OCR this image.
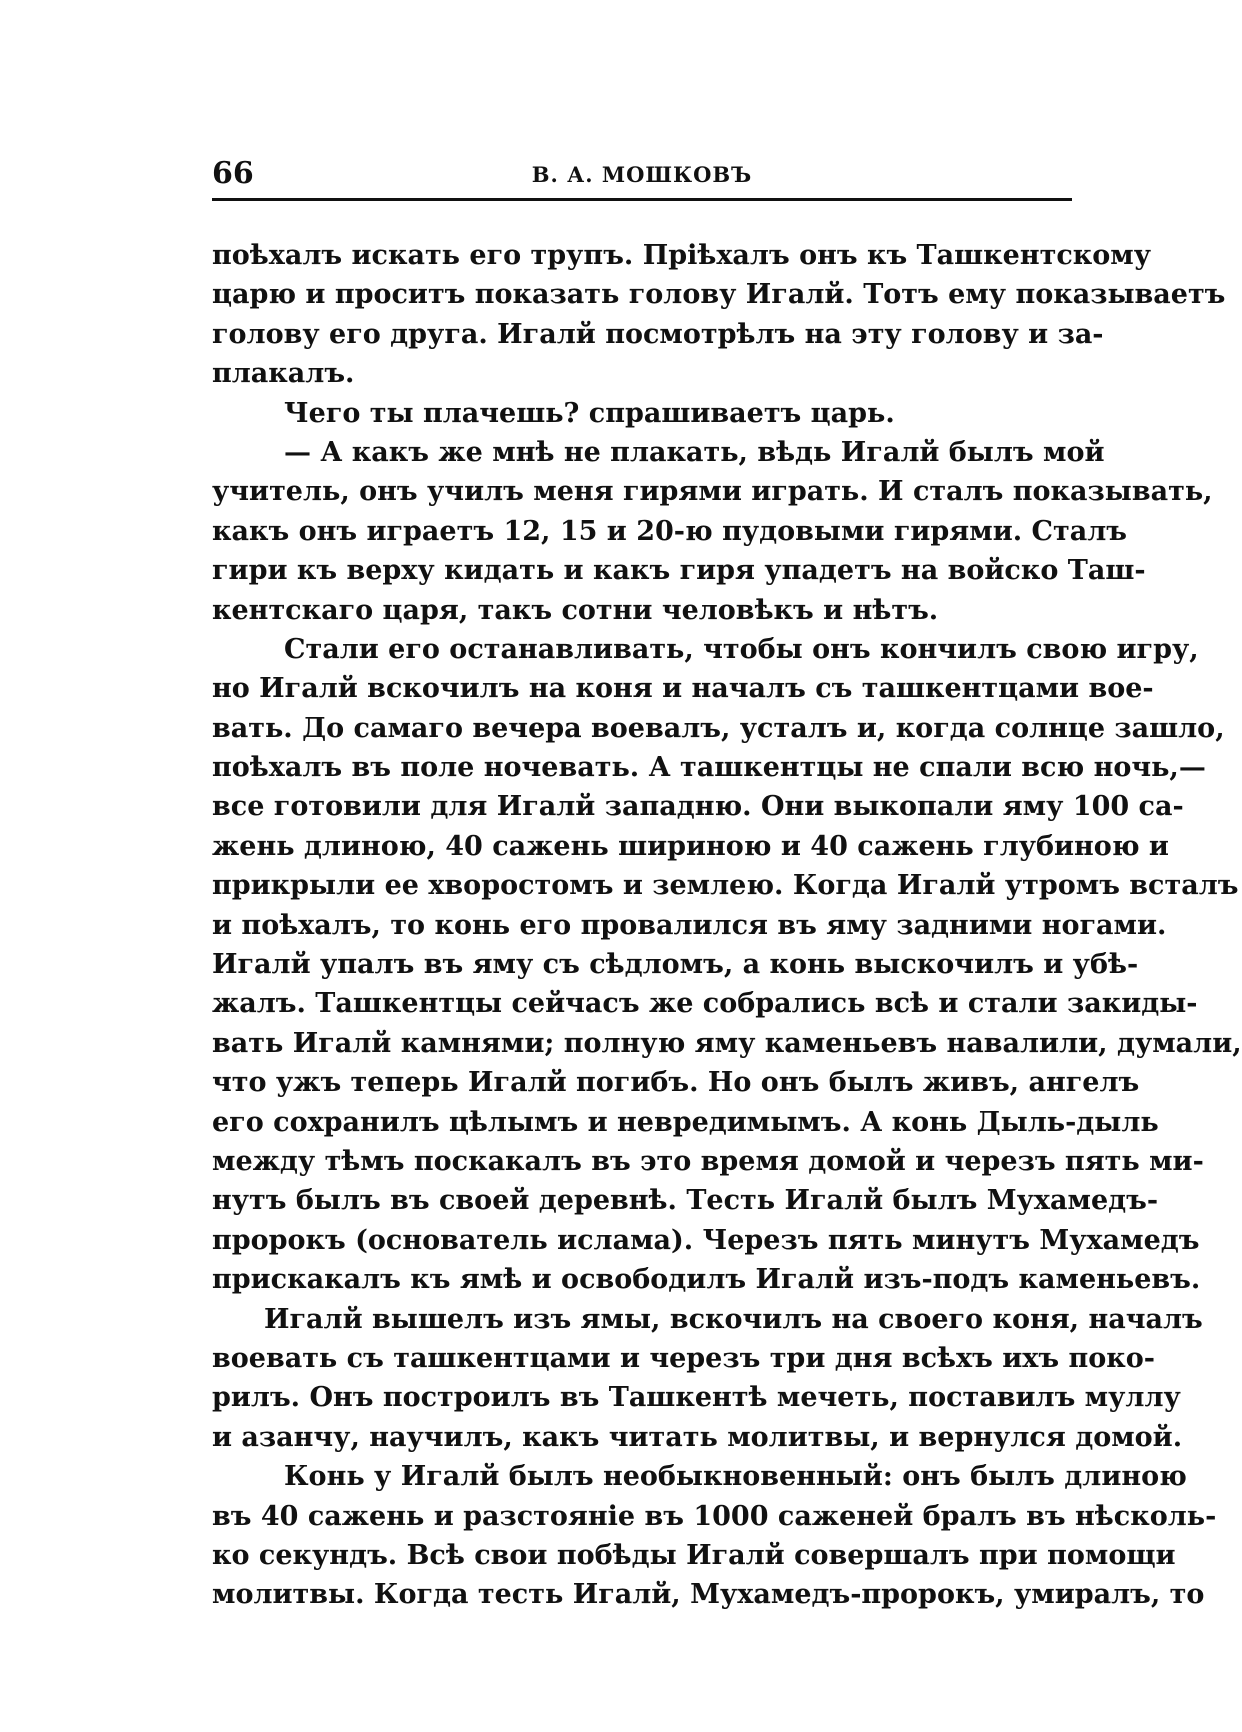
66	В. А. МОШКОВЪ
поѣхалъ искать его трупъ. Пріѣхалъ онъ къ Ташкентскому
царю и проситъ показать голову Игалй. Тотъ ему показываетъ
голову его друга. Игалй посмотрѣлъ на эту голову и за-
плакалъ.
Чего ты плачешь? спрашиваетъ царь.
— А какъ же мнѣ не плакать, вѣдь Игалй былъ мой
учитель, онъ училъ меня гирями играть. И сталъ показывать,
какъ онъ играетъ 12, 15 и 20-ю пудовыми гирями. Сталъ
гири къ верху кидать и какъ гиря упадетъ на войско Таш-
кентскаго царя, такъ сотни человѣкъ и нѣтъ.
Стали его останавливать, чтобы онъ кончилъ свою игру,
но Игалй вскочилъ на коня и началъ съ ташкентцами вое-
вать. До самаго вечера воевалъ, усталъ и, когда солнце зашло,
поѣхалъ въ поле ночевать. А ташкентцы не спали всю ночь,—
все готовили для Игалй западню. Они выкопали яму 100 са-
жень длиною, 40 сажень шириною и 40 сажень глубиною и
прикрыли ее хворостомъ и землею. Когда Игалй утромъ всталъ
и поѣхалъ, то конь его провалился въ яму задними ногами.
Игалй упалъ въ яму съ сѣдломъ, а конь выскочилъ и убѣ-
жалъ. Ташкентцы сейчасъ же собрались всѣ и стали закиды-
вать Игалй камнями; полную яму каменьевъ навалили, думали,
что ужъ теперь Игалй погибъ. Но онъ былъ живъ, ангелъ
его сохранилъ цѣлымъ и невредимымъ. А конь Дыль-дыль
между тѣмъ поскакалъ въ это время домой и черезъ пять ми-
нутъ былъ въ своей деревнѣ. Тесть Игалй былъ Мухамедъ-
пророкъ (основатель ислама). Черезъ пять минутъ Мухамедъ
прискакалъ къ ямѣ и освободилъ Игалй изъ-подъ каменьевъ.
Игалй вышелъ изъ ямы, вскочилъ на своего коня, началъ
воевать съ ташкентцами и черезъ три дня всѣхъ ихъ поко-
рилъ. Онъ построилъ въ Ташкентѣ мечеть, поставилъ муллу
и азанчу, научилъ, какъ читать молитвы, и вернулся домой.
Конь у Игалй былъ необыкновенный: онъ былъ длиною
въ 40 сажень и разстояніе въ 1000 саженей бралъ въ нѣсколь-
ко секундъ. Всѣ свои побѣды Игалй совершалъ при помощи
молитвы. Когда тесть Игалй, Мухамедъ-пророкъ, умиралъ, то
